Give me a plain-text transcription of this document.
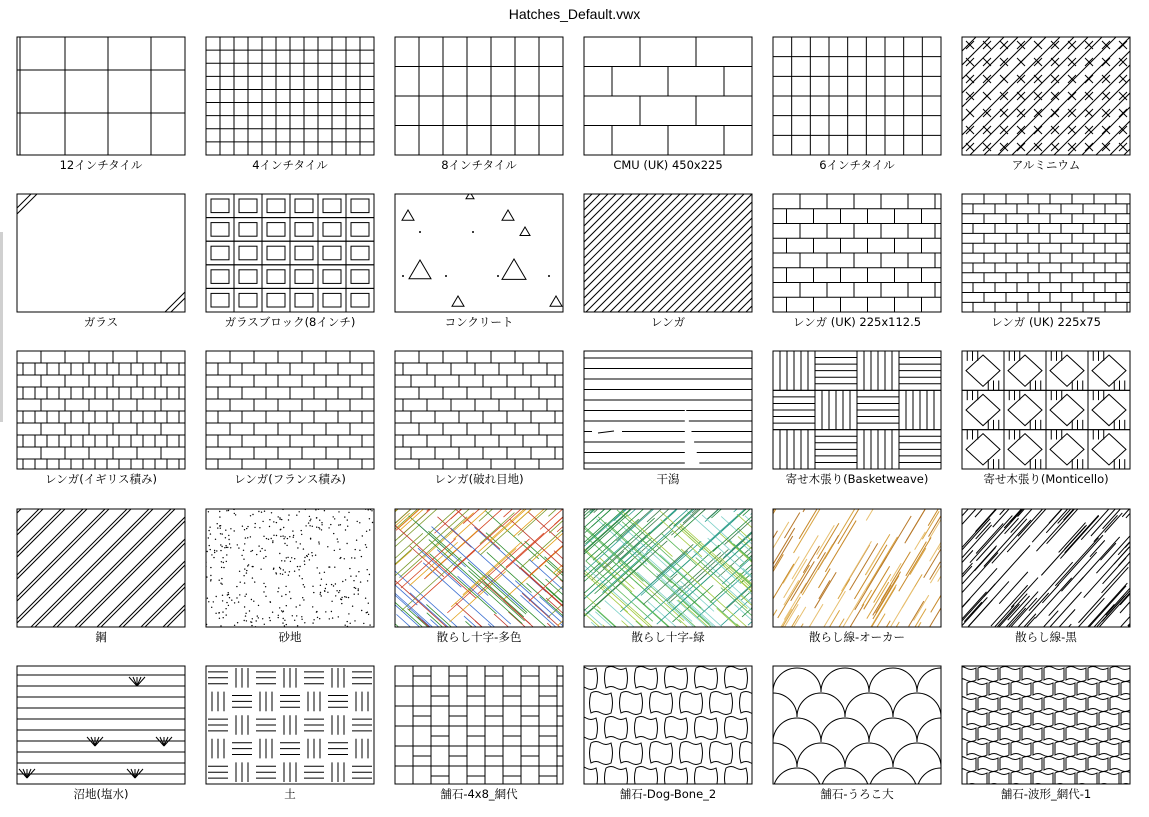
Hatches_Default.vwx
12インチタイル	4インチタイル	8インチタイル	CMU (UK) 450x225	6インチタイル	アルミニウム
ガラス	ガラスブロック(8インチ)	コンクリート	レンガ	レンガ (UK) 225x112.5	レンガ (UK) 225x75
レンガ(イギリス積み)	レンガ(フランス積み)	レンガ(破れ目地)	干潟	寄せ木張り(Basketweave)	寄せ木張り(Monticello)
鋼	砂地	散らし十字-多色	散らし十字-緑	散らし線-オーカー	散らし線-黒
沼地(塩水)	土	舗石-4x8_網代	舗石-Dog-Bone_2	舗石-うろこ大	舗石-波形_網代-1
